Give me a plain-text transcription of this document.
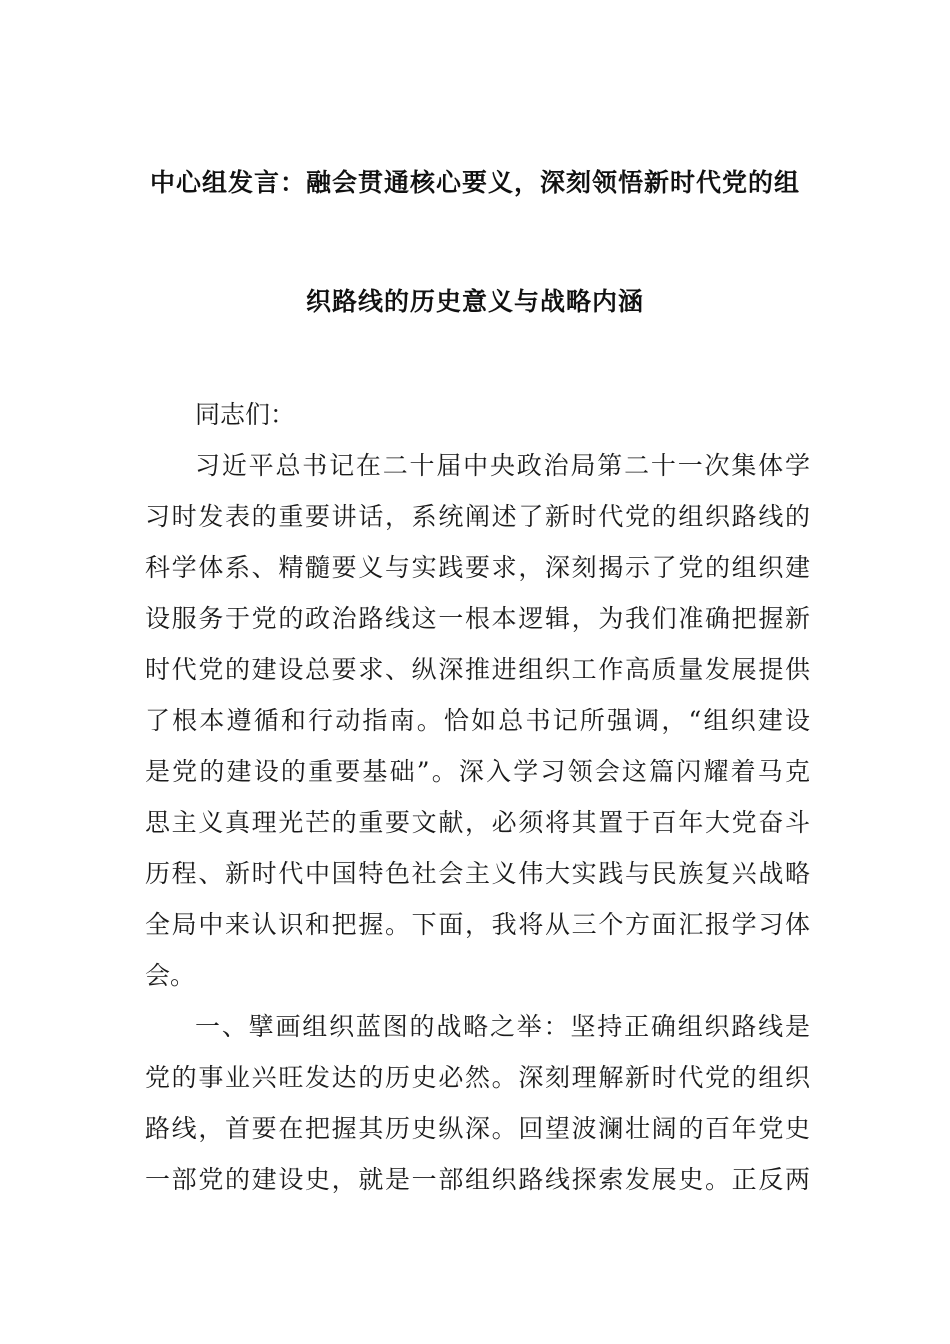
中心组发言：融会贯通核心要义，深刻领悟新时代党的组
织路线的历史意义与战略内涵
同志们：
习近平总书记在二十届中央政治局第二十一次集体学
习时发表的重要讲话，系统阐述了新时代党的组织路线的
科学体系、精髓要义与实践要求，深刻揭示了党的组织建
设服务于党的政治路线这一根本逻辑，为我们准确把握新
时代党的建设总要求、纵深推进组织工作高质量发展提供
了根本遵循和行动指南。恰如总书记所强调，“组织建设
是党的建设的重要基础”。深入学习领会这篇闪耀着马克
思主义真理光芒的重要文献，必须将其置于百年大党奋斗
历程、新时代中国特色社会主义伟大实践与民族复兴战略
全局中来认识和把握。下面，我将从三个方面汇报学习体
会。
一、擘画组织蓝图的战略之举：坚持正确组织路线是
党的事业兴旺发达的历史必然。深刻理解新时代党的组织
路线，首要在把握其历史纵深。回望波澜壮阔的百年党史
一部党的建设史，就是一部组织路线探索发展史。正反两
